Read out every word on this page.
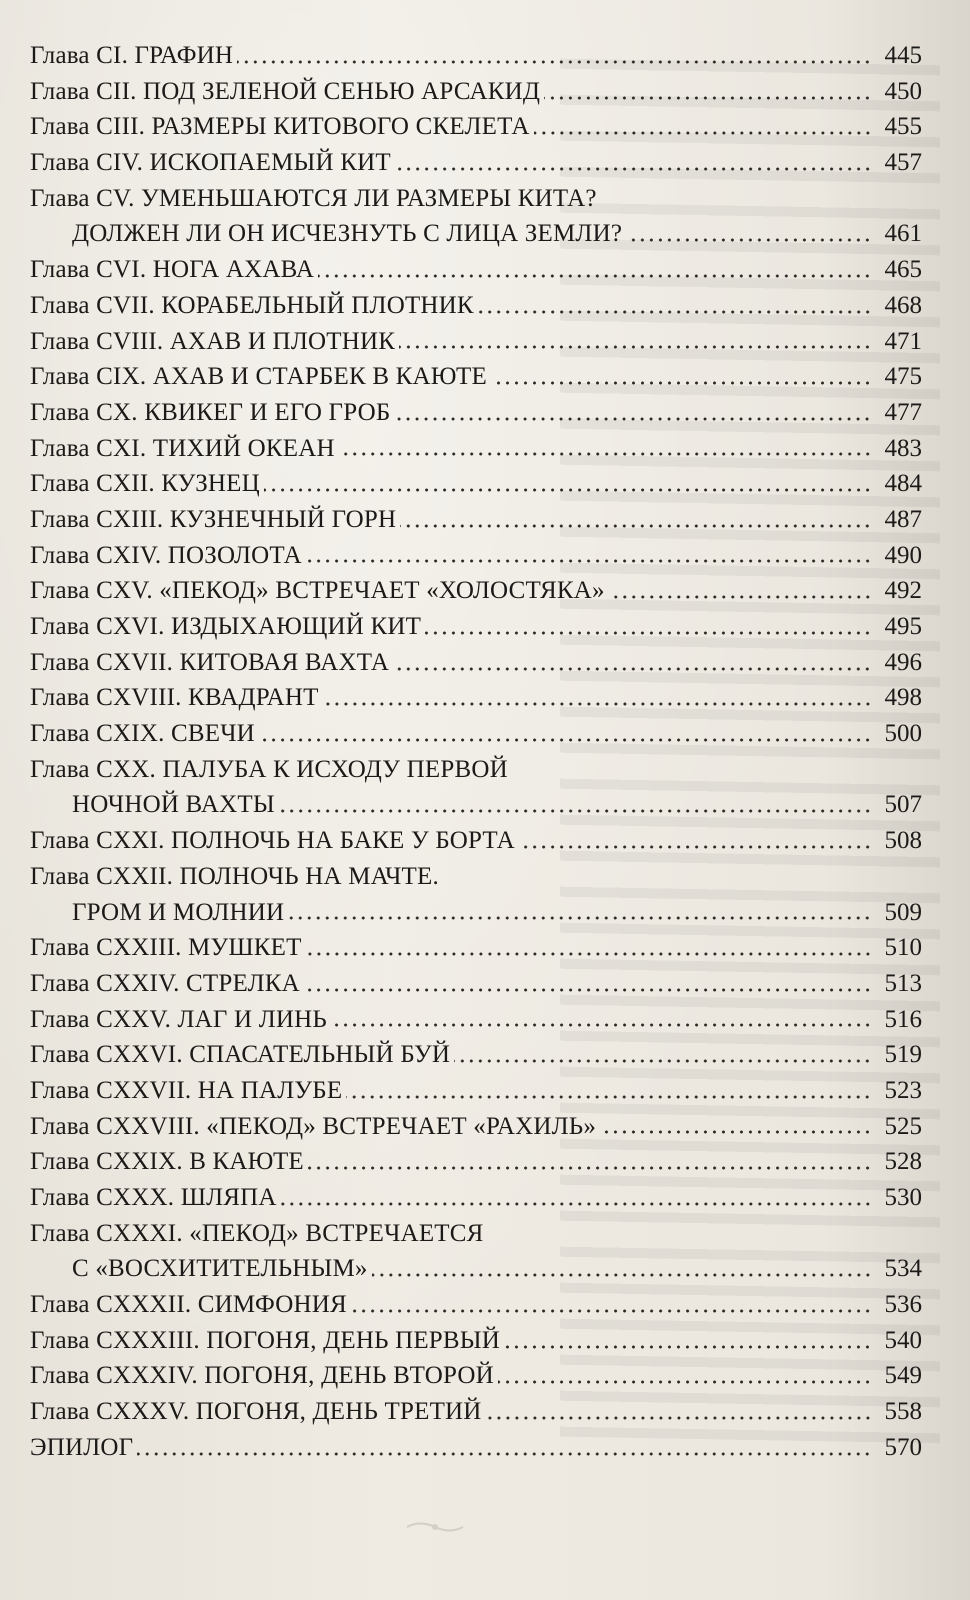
Глава CI. ГРАФИН	445
Глава CII. ПОД ЗЕЛЕНОЙ СЕНЬЮ АРСАКИД	450
Глава CIII. РАЗМЕРЫ КИТОВОГО СКЕЛЕТА	455
Глава CIV. ИСКОПАЕМЫЙ КИТ	457
Глава CV. УМЕНЬШАЮТСЯ ЛИ РАЗМЕРЫ КИТА?
ДОЛЖЕН ЛИ ОН ИСЧЕЗНУТЬ С ЛИЦА ЗЕМЛИ?	461
Глава CVI. НОГА АХАВА	465
Глава CVII. КОРАБЕЛЬНЫЙ ПЛОТНИК	468
Глава CVIII. АХАВ И ПЛОТНИК	471
Глава CIX. АХАВ И СТАРБЕК В КАЮТЕ	475
Глава CX. КВИКЕГ И ЕГО ГРОБ	477
Глава CXI. ТИХИЙ ОКЕАН	483
Глава CXII. КУЗНЕЦ	484
Глава CXIII. КУЗНЕЧНЫЙ ГОРН	487
Глава CXIV. ПОЗОЛОТА	490
Глава CXV. «ПЕКОД» ВСТРЕЧАЕТ «ХОЛОСТЯКА»	492
Глава CXVI. ИЗДЫХАЮЩИЙ КИТ	495
Глава CXVII. КИТОВАЯ ВАХТА	496
Глава CXVIII. КВАДРАНТ	498
Глава CXIX. СВЕЧИ	500
Глава CXX. ПАЛУБА К ИСХОДУ ПЕРВОЙ
НОЧНОЙ ВАХТЫ	507
Глава CXXI. ПОЛНОЧЬ НА БАКЕ У БОРТА	508
Глава CXXII. ПОЛНОЧЬ НА МАЧТЕ.
ГРОМ И МОЛНИИ	509
Глава CXXIII. МУШКЕТ	510
Глава CXXIV. СТРЕЛКА	513
Глава CXXV. ЛАГ И ЛИНЬ	516
Глава CXXVI. СПАСАТЕЛЬНЫЙ БУЙ	519
Глава CXXVII. НА ПАЛУБЕ	523
Глава CXXVIII. «ПЕКОД» ВСТРЕЧАЕТ «РАХИЛЬ»	525
Глава CXXIX. В КАЮТЕ	528
Глава CXXX. ШЛЯПА	530
Глава CXXXI. «ПЕКОД» ВСТРЕЧАЕТСЯ
С «ВОСХИТИТЕЛЬНЫМ»	534
Глава CXXXII. СИМФОНИЯ	536
Глава CXXXIII. ПОГОНЯ, ДЕНЬ ПЕРВЫЙ	540
Глава CXXXIV. ПОГОНЯ, ДЕНЬ ВТОРОЙ	549
Глава CXXXV. ПОГОНЯ, ДЕНЬ ТРЕТИЙ	558
ЭПИЛОГ	570
